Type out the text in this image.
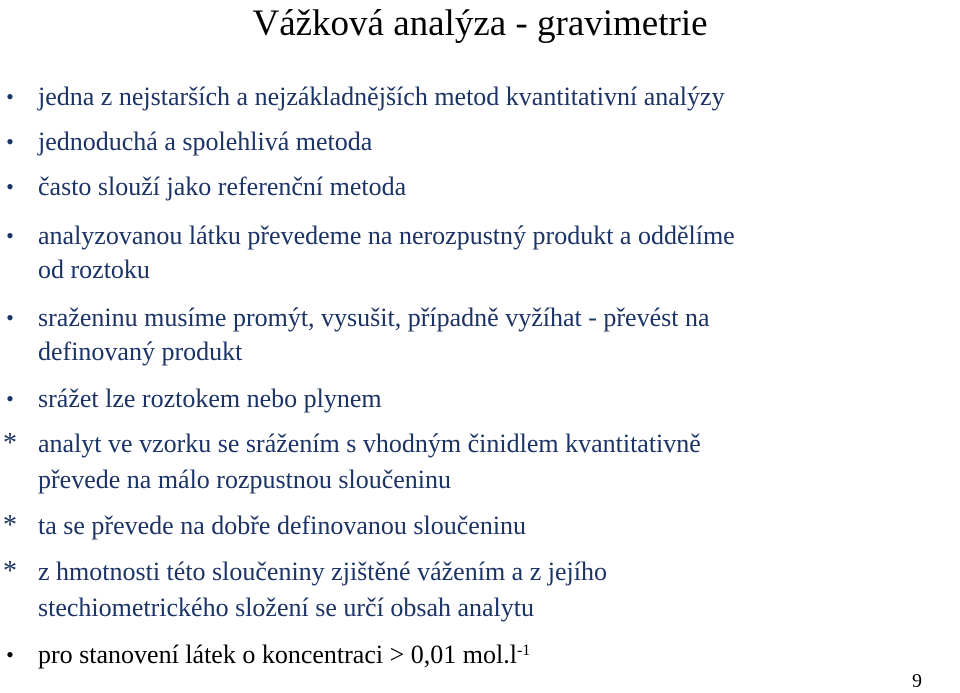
Vážková analýza - gravimetrie
• jedna z nejstarších a nejzákladnějších metod kvantitativní analýzy
• jednoduchá a spolehlivá metoda
• často slouží jako referenční metoda
• analyzovanou látku převedeme na nerozpustný produkt a oddělíme
od roztoku
• sraženinu musíme promýt, vysušit, případně vyžíhat - převést na
definovaný produkt
• srážet lze roztokem nebo plynem
* analyt ve vzorku se srážením s vhodným činidlem kvantitativně
převede na málo rozpustnou sloučeninu
* ta se převede na dobře definovanou sloučeninu
* z hmotnosti této sloučeniny zjištěné vážením a z jejího
stechiometrického složení se určí obsah analytu
• pro stanovení látek o koncentraci > 0,01 $mol.l^{-1}$
9
